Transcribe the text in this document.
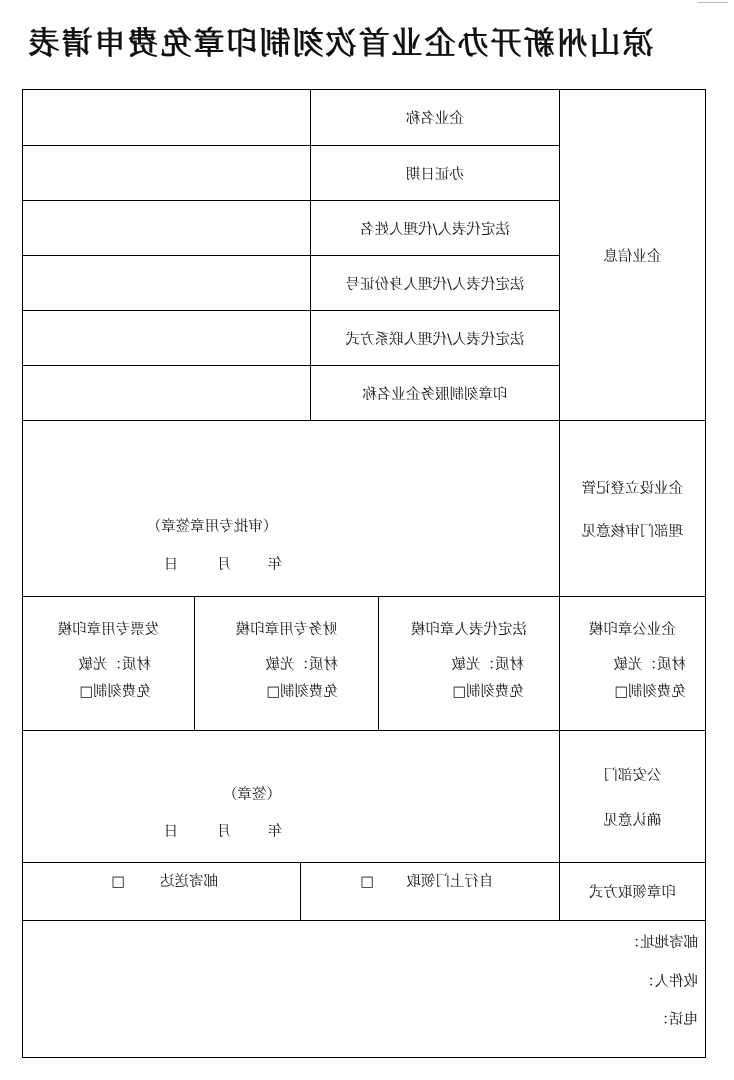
凉山州新开办企业首次刻制印章免费申请表
企业信息
企业名称
办证日期
法定代表人/代理人姓名
法定代表人/代理人身份证号
法定代表人/代理人联系方式
印章刻制服务企业名称
企业设立登记管
理部门审核意见
（审批专用章签章）
年
月
日
企业公章印模
材质：光敏
免费刻制□
法定代表人章印模
材质：光敏
免费刻制□
财务专用章印模
材质：光敏
免费刻制□
发票专用章印模
材质：光敏
免费刻制□
公安部门
确认意见
（签章）
年
月
日
印章领取方式
自行上门领取
□
邮寄送达
□
邮寄地址：
收件人：
电话：
